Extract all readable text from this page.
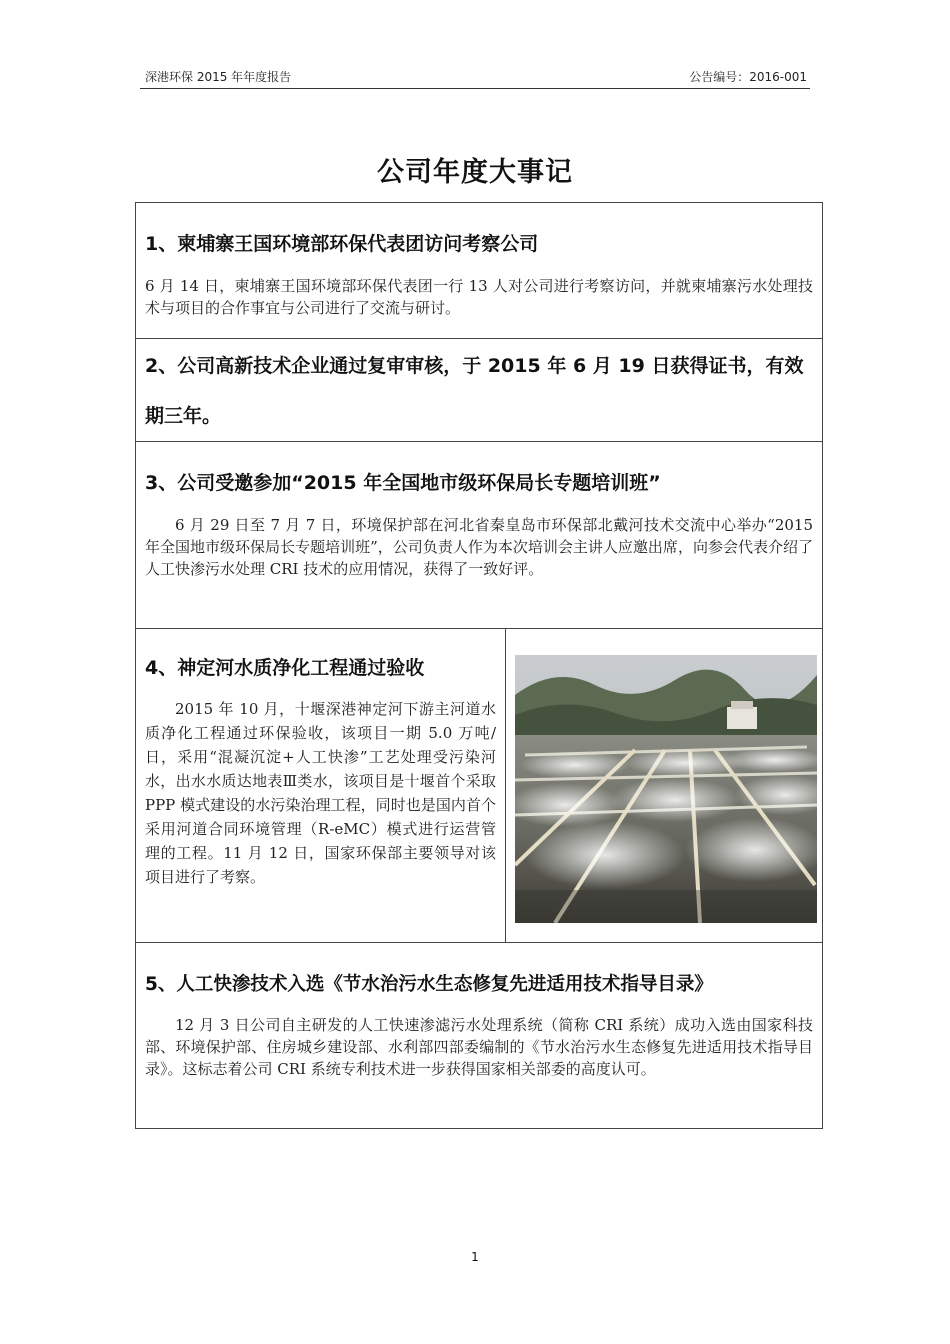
深港环保 2015 年年度报告	公告编号：2016-001
公司年度大事记
1、柬埔寨王国环境部环保代表团访问考察公司
6 月 14 日，柬埔寨王国环境部环保代表团一行 13 人对公司进行考察访问，并就柬埔寨污水处理技术与项目的合作事宜与公司进行了交流与研讨。

2、公司高新技术企业通过复审审核，于 2015 年 6 月 19 日获得证书，有效期三年。

3、公司受邀参加“2015 年全国地市级环保局长专题培训班”
6 月 29 日至 7 月 7 日，环境保护部在河北省秦皇岛市环保部北戴河技术交流中心举办“2015 年全国地市级环保局长专题培训班”，公司负责人作为本次培训会主讲人应邀出席，向参会代表介绍了人工快渗污水处理 CRI 技术的应用情况，获得了一致好评。

4、神定河水质净化工程通过验收
2015 年 10 月，十堰深港神定河下游主河道水质净化工程通过环保验收，该项目一期 5.0 万吨/日，采用“混凝沉淀+人工快渗”工艺处理受污染河水，出水水质达地表Ⅲ类水，该项目是十堰首个采取 PPP 模式建设的水污染治理工程，同时也是国内首个采用河道合同环境管理（R-eMC）模式进行运营管理的工程。11 月 12 日，国家环保部主要领导对该项目进行了考察。

5、人工快渗技术入选《节水治污水生态修复先进适用技术指导目录》
12 月 3 日公司自主研发的人工快速渗滤污水处理系统（简称 CRI 系统）成功入选由国家科技部、环境保护部、住房城乡建设部、水利部四部委编制的《节水治污水生态修复先进适用技术指导目录》。这标志着公司 CRI 系统专利技术进一步获得国家相关部委的高度认可。
1
